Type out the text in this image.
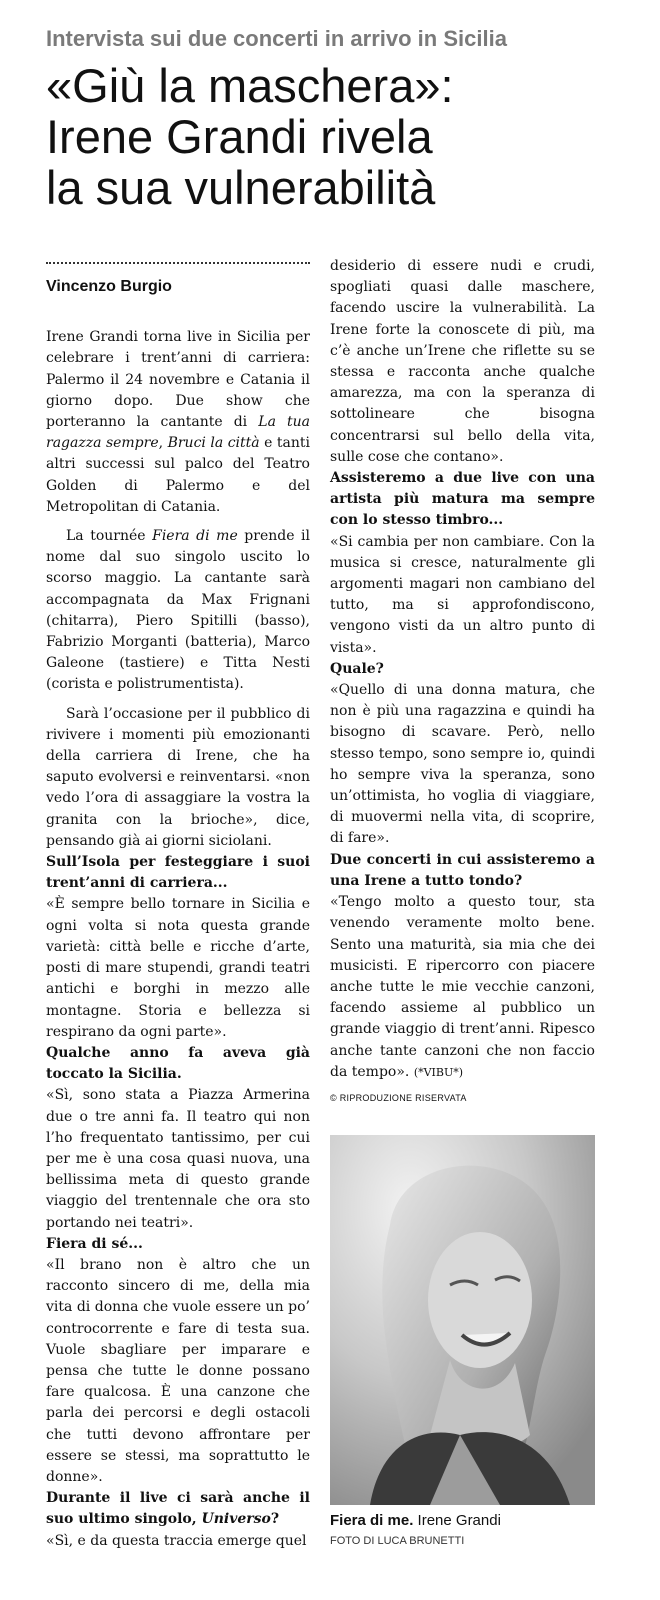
Intervista sui due concerti in arrivo in Sicilia
«Giù la maschera»:
Irene Grandi rivela
la sua vulnerabilità
Vincenzo Burgio

Irene Grandi torna live in Sicilia per celebrare i trent’anni di carriera: Palermo il 24 novembre e Catania il giorno dopo. Due show che porteranno la cantante di La tua ragazza sempre, Bruci la città e tanti altri successi sul palco del Teatro Golden di Palermo e del Metropolitan di Catania.

La tournée Fiera di me prende il nome dal suo singolo uscito lo scorso maggio. La cantante sarà accompagnata da Max Frignani (chitarra), Piero Spitilli (basso), Fabrizio Morganti (batteria), Marco Galeone (tastiere) e Titta Nesti (corista e polistrumentista).

Sarà l’occasione per il pubblico di rivivere i momenti più emozionanti della carriera di Irene, che ha saputo evolversi e reinventarsi. «non vedo l’ora di assaggiare la vostra la granita con la brioche», dice, pensando già ai giorni siciolani.

Sull’Isola per festeggiare i suoi trent’anni di carriera...

«È sempre bello tornare in Sicilia e ogni volta si nota questa grande varietà: città belle e ricche d’arte, posti di mare stupendi, grandi teatri antichi e borghi in mezzo alle montagne. Storia e bellezza si respirano da ogni parte».

Qualche anno fa aveva già toccato la Sicilia.

«Sì, sono stata a Piazza Armerina due o tre anni fa. Il teatro qui non l’ho frequentato tantissimo, per cui per me è una cosa quasi nuova, una bellissima meta di questo grande viaggio del trentennale che ora sto portando nei teatri».

Fiera di sé...

«Il brano non è altro che un racconto sincero di me, della mia vita di donna che vuole essere un po’ controcorrente e fare di testa sua. Vuole sbagliare per imparare e pensa che tutte le donne possano fare qualcosa. È una canzone che parla dei percorsi e degli ostacoli che tutti devono affrontare per essere se stessi, ma soprattutto le donne».

Durante il live ci sarà anche il suo ultimo singolo, Universo?

«Sì, e da questa traccia emerge quel

desiderio di essere nudi e crudi, spogliati quasi dalle maschere, facendo uscire la vulnerabilità. La Irene forte la conoscete di più, ma c’è anche un’Irene che riflette su se stessa e racconta anche qualche amarezza, ma con la speranza di sottolineare che bisogna concentrarsi sul bello della vita, sulle cose che contano».

Assisteremo a due live con una artista più matura ma sempre con lo stesso timbro...

«Si cambia per non cambiare. Con la musica si cresce, naturalmente gli argomenti magari non cambiano del tutto, ma si approfondiscono, vengono visti da un altro punto di vista».

Quale?

«Quello di una donna matura, che non è più una ragazzina e quindi ha bisogno di scavare. Però, nello stesso tempo, sono sempre io, quindi ho sempre viva la speranza, sono un’ottimista, ho voglia di viaggiare, di muovermi nella vita, di scoprire, di fare».

Due concerti in cui assisteremo a una Irene a tutto tondo?

«Tengo molto a questo tour, sta venendo veramente molto bene. Sento una maturità, sia mia che dei musicisti. E ripercorro con piacere anche tutte le mie vecchie canzoni, facendo assieme al pubblico un grande viaggio di trent’anni. Ripesco anche tante canzoni che non faccio da tempo». (*VIBU*)

© RIPRODUZIONE RISERVATA
Fiera di me. Irene Grandi
FOTO DI LUCA BRUNETTI
